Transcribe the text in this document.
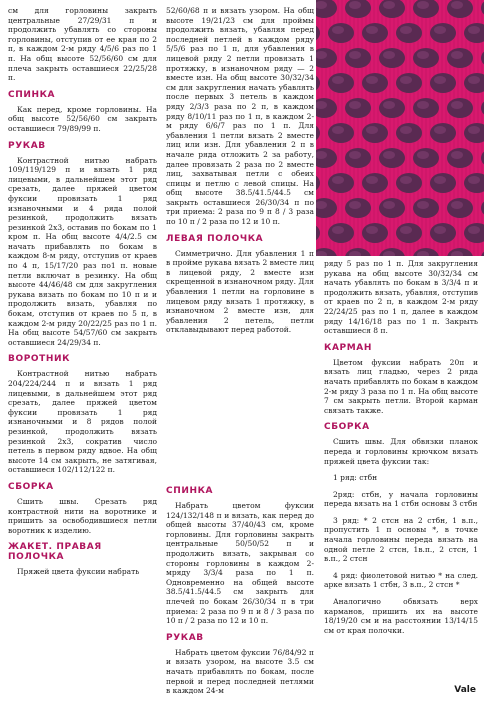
см для горловины закрыть центральные 27/29/31 п и продолжить убавлять со стороны горловины, отступив от ее края по 2 п, в каждом 2-м ряду 4/5/6 раз по 1 п. На общ высоте 52/56/60 см для плеча закрыть оставшиеся 22/25/28 п.

СПИНКА

Как перед, кроме горловины. На общ высоте 52/56/60 см закрыть оставшиеся 79/89/99 п.

РУКАВ

Контрастной нитью набрать 109/119/129 п и вязать 1 ряд лицевыми, в дальнейшем этот ряд срезать, далее пряжей цветом фуксии провязать 1 ряд изнаночными и 4 ряда полой резинкой, продолжить вязать резинкой 2х3, оставив по бокам по 1 кром п. На общ высоте 4/4/2.5 см начать прибавлять по бокам в каждом 8-м ряду, отступив от краев по 4 п, 15/17/20 раз по1 п. новые петли включат в резинку. На общ высоте 44/46/48 см для закругления рукава вязать по бокам по 10 п и и продолжить вязать, убавляя по бокам, отступив от краев по 5 п, в каждом 2-м ряду 20/22/25 раз по 1 п. На общ высоте 54/57/60 см закрыть оставшиеся 24/29/34 п.

ВОРОТНИК

Контрастной нитью набрать 204/224/244 п и вязать 1 ряд лицевыми, в дальнейшем этот ряд срезать, далее пряжей цветом фуксии провязать 1 ряд изнаночными и 8 рядов полой резинкой, продолжить вязать резинкой 2х3, сократив число петель в первом ряду вдвое. На общ высоте 14 см закрыть, не затягивая, оставшиеся 102/112/122 п.

СБОРКА

Сшить швы. Срезать ряд контрастной нити на воротнике и пришить за освободившиеся петли воротник к изделию.

ЖАКЕТ. ПРАВАЯ ПОЛОЧКА

Пряжей цвета фуксии набрать

52/60/68 п и вязать узором. На общ высоте 19/21/23 см для проймы продолжить вязать, убавляя перед последней петлей в каждом ряду 5/5/6 раз по 1 п, для убавления в лицевой ряду 2 петли провязать 1 протяжку, в изнаночном ряду — 2 вместе изн. На общ высоте 30/32/34 см для закругления начать убавлять после первых 3 петель в каждом ряду 2/3/3 раза по 2 п, в каждом ряду 8/10/11 раз по 1 п, в каждом 2-м ряду 6/6/7 раз по 1 п. Для убавления 1 петли вязать 2 вместе лиц или изн. Для убавления 2 п в начале ряда отложить 2 за работу, далее провязать 2 раза по 2 вместе лиц, захватывая петли с обеих спицы и петлю с левой спицы. На общ высоте 38.5/41.5/44.5 см закрыть оставшиеся 26/30/34 п по три приема: 2 раза по 9 п 8 / 3 раза по 10 п / 2 раза по 12 и 10 п.

ЛЕВАЯ ПОЛОЧКА

Симметрично. Для убавления 1 п в пройме рукава вязать 2 вместе лиц в лицевой ряду, 2 вместе изн скрещенной в изнаночном ряду. Для убавления 1 петли на горловине в лицевом ряду вязать 1 протяжку, в изнаночном 2 вместе изн, для убавления 2 петель, петли отклавыдывают перед работой.

ряду 5 раз по 1 п. Для закругления рукава на общ высоте 30/32/34 см начать убавлять по бокам в 3/3/4 п и продолжить вязать, убавляя, отступив от краев по 2 п, в каждом 2-м ряду 22/24/25 раз по 1 п, далее в каждом ряду 14/16/18 раз по 1 п. Закрыть оставшиеся 8 п.

КАРМАН

Цветом фуксии набрать 20п и вязать лиц гладью, через 2 ряда начать прибавлять по бокам в каждом 2-м ряду 3 раза по 1 п. На общ высоте 7 см закрыть петли. Второй карман связать также.

СБОРКА

Сшить швы. Для обвязки планок переда и горловины крючком вязать пряжей цвета фуксии так:

1 ряд: стбн

2ряд: стбн, у начала горловины переда вязать на 1 стбн основы 3 стбн

3 ряд: * 2 стсн на 2 стбн, 1 в.п., пропустить 1 п основы *, в точке начала горловины переда вязать на одной петле 2 стсн, 1в.п., 2 стсн, 1 в.п., 2 стсн

4 ряд: фиолетовой нитью * на след. арке вязать 1 стбн, 3 в.п., 2 стсн *

Аналогично обвязать верх карманов, пришить их на высоте 18/19/20 см и на расстоянии 13/14/15 см от края полочки.

СПИНКА

Набрать цветом фуксии 124/132/148 п и вязать, как перед до общей высоты 37/40/43 см, кроме горловины. Для горловины закрыть центральные 50/50/52 п и продолжить вязать, закрывая со стороны горловины в каждом 2-мряду 3/3/4 раза по 1 п. Одновременно на общей высоте 38.5/41.5/44.5 см закрыть для плечей по бокам 26/30/34 п в три приема: 2 раза по 9 п и 8 / 3 раза по 10 п / 2 раза по 12 и 10 п.

РУКАВ

Набрать цветом фуксии 76/84/92 п и вязать узором, на высоте 3.5 см начать прибавлять по бокам, после первой и перед последней петлями в каждом 24-м	Vale
